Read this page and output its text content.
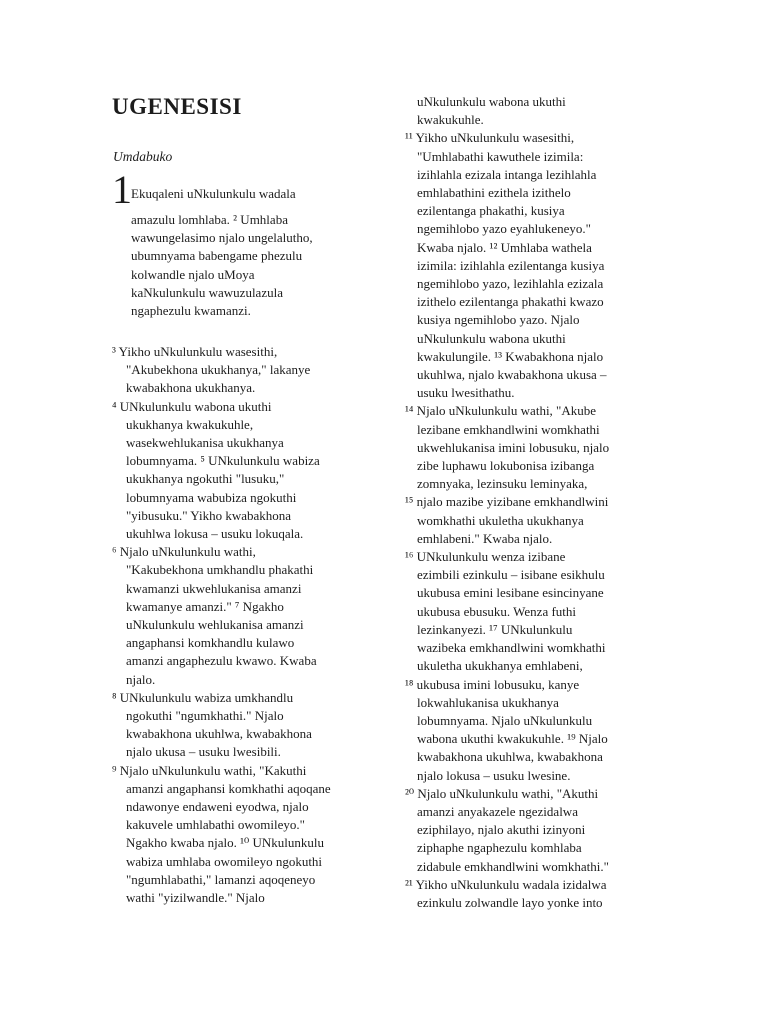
UGENESISI

Umdabuko

1 Ekuqaleni uNkulunkulu wadala
amazulu lomhlaba. ² Umhlaba
wawungelasimo njalo ungelalutho,
ubumnyama babengame phezulu
kolwandle njalo uMoya
kaNkulunkulu wawuzulazula
ngaphezulu kwamanzi.
³ Yikho uNkulunkulu wasesithi,
"Akubekhona ukukhanya," lakanye
kwabakhona ukukhanya.
⁴ UNkulunkulu wabona ukuthi
ukukhanya kwakukuhle,
wasekwehlukanisa ukukhanya
lobumnyama. ⁵ UNkulunkulu wabiza
ukukhanya ngokuthi "lusuku,"
lobumnyama wabubiza ngokuthi
"yibusuku." Yikho kwabakhona
ukuhlwa lokusa – usuku lokuqala.
⁶ Njalo uNkulunkulu wathi,
"Kakubekhona umkhandlu phakathi
kwamanzi ukwehlukanisa amanzi
kwamanye amanzi." ⁷ Ngakho
uNkulunkulu wehlukanisa amanzi
angaphansi komkhandlu kulawo
amanzi angaphezulu kwawo. Kwaba
njalo.
⁸ UNkulunkulu wabiza umkhandlu
ngokuthi "ngumkhathi." Njalo
kwabakhona ukuhlwa, kwabakhona
njalo ukusa – usuku lwesibili.
⁹ Njalo uNkulunkulu wathi, "Kakuthi
amanzi angaphansi komkhathi aqoqane
ndawonye endaweni eyodwa, njalo
kakuvele umhlabathi owomileyo."
Ngakho kwaba njalo. ¹⁰ UNkulunkulu
wabiza umhlaba owomileyo ngokuthi
"ngumhlabathi," lamanzi aqoqeneyo
wathi "yizilwandle." Njalo
uNkulunkulu wabona ukuthi
kwakukuhle.
¹¹ Yikho uNkulunkulu wasesithi,
"Umhlabathi kawuthele izimila:
izihlahla ezizala intanga lezihlahla
emhlabathini ezithela izithelo
ezilentanga phakathi, kusiya
ngemihlobo yazo eyahlukeneyo."
Kwaba njalo. ¹² Umhlaba wathela
izimila: izihlahla ezilentanga kusiya
ngemihlobo yazo, lezihlahla ezizala
izithelo ezilentanga phakathi kwazo
kusiya ngemihlobo yazo. Njalo
uNkulunkulu wabona ukuthi
kwakulungile. ¹³ Kwabakhona njalo
ukuhlwa, njalo kwabakhona ukusa –
usuku lwesithathu.
¹⁴ Njalo uNkulunkulu wathi, "Akube
lezibane emkhandlwini womkhathi
ukwehlukanisa imini lobusuku, njalo
zibe luphawu lokubonisa izibanga
zomnyaka, lezinsuku leminyaka,
¹⁵ njalo mazibe yizibane emkhandlwini
womkhathi ukuletha ukukhanya
emhlabeni." Kwaba njalo.
¹⁶ UNkulunkulu wenza izibane
ezimbili ezinkulu – isibane esikhulu
ukubusa emini lesibane esincinyane
ukubusa ebusuku. Wenza futhi
lezinkanyezi. ¹⁷ UNkulunkulu
wazibeka emkhandlwini womkhathi
ukuletha ukukhanya emhlabeni,
¹⁸ ukubusa imini lobusuku, kanye
lokwahlukanisa ukukhanya
lobumnyama. Njalo uNkulunkulu
wabona ukuthi kwakukuhle. ¹⁹ Njalo
kwabakhona ukuhlwa, kwabakhona
njalo lokusa – usuku lwesine.
²⁰ Njalo uNkulunkulu wathi, "Akuthi
amanzi anyakazele ngezidalwa
eziphilayo, njalo akuthi izinyoni
ziphaphe ngaphezulu komhlaba
zidabule emkhandlwini womkhathi."
²¹ Yikho uNkulunkulu wadala izidalwa
ezinkulu zolwandle layo yonke into
